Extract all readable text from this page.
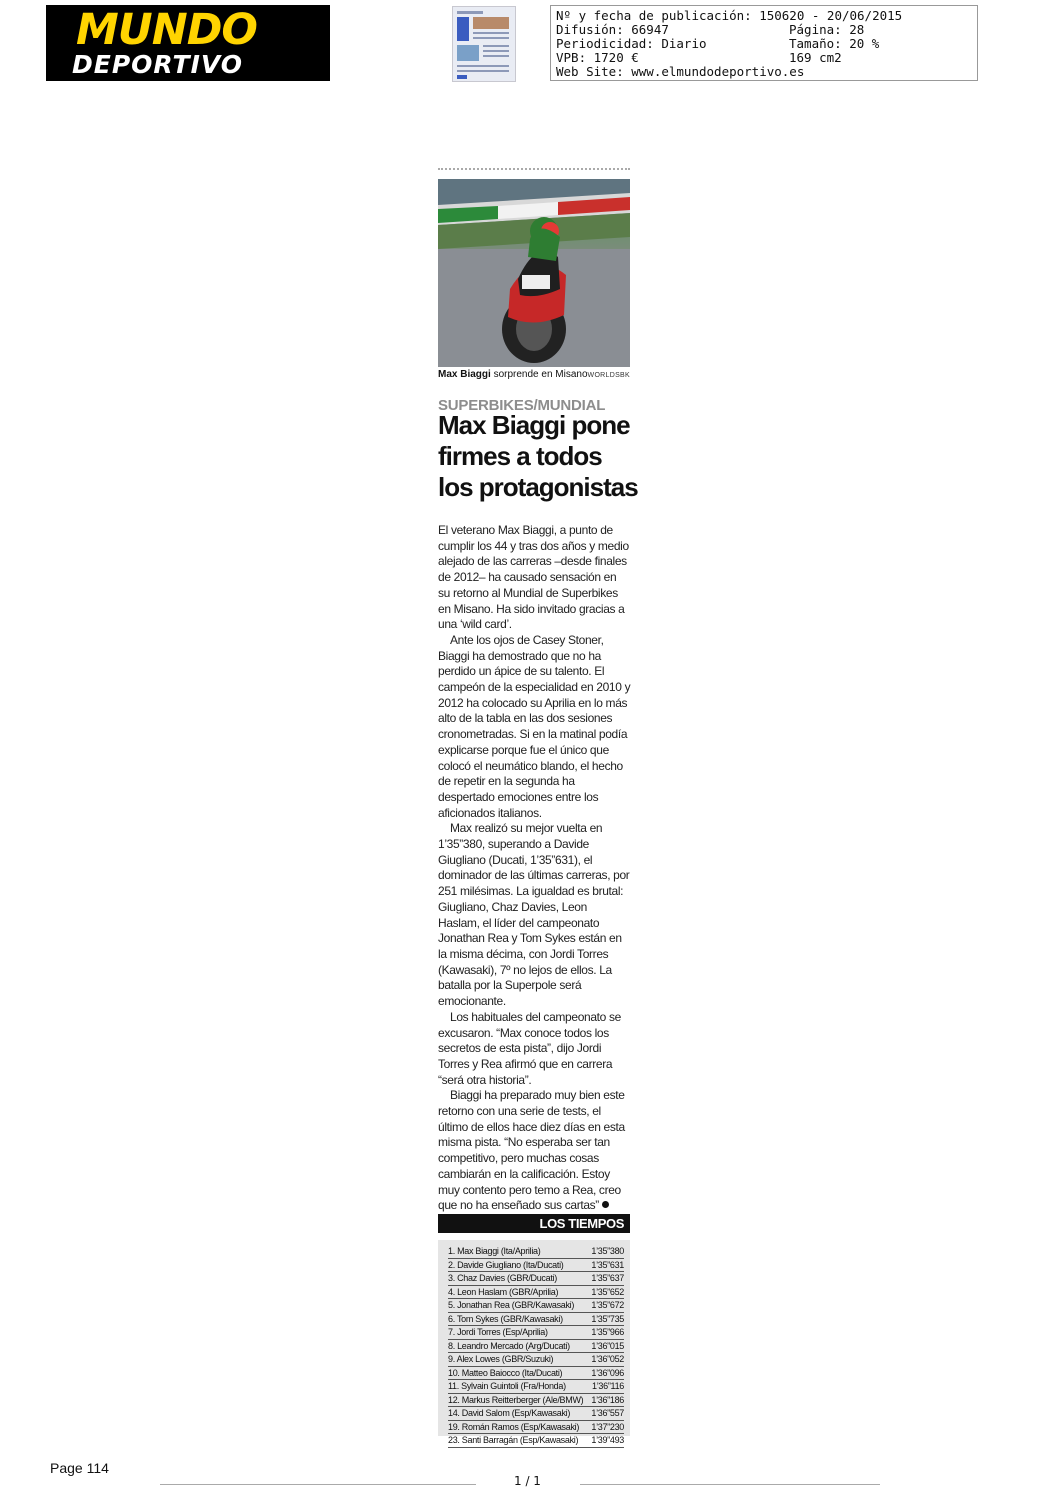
MUNDO
DEPORTIVO
Nº y fecha de publicación: 150620 - 20/06/2015
Difusión: 66947	Página: 28
Periodicidad: Diario	Tamaño: 20 %
VPB: 1720 €	169 cm2
Web Site: www.elmundodeportivo.es
Max Biaggi sorprende en Misano WORLDSBK
SUPERBIKES/MUNDIAL
Max Biaggi pone firmes a todos los protagonistas

El veterano Max Biaggi, a punto de cumplir los 44 y tras dos años y medio alejado de las carreras –desde finales de 2012– ha causado sensación en su retorno al Mundial de Superbikes en Misano. Ha sido invitado gracias a una ‘wild card’.

Ante los ojos de Casey Stoner, Biaggi ha demostrado que no ha perdido un ápice de su talento. El campeón de la especialidad en 2010 y 2012 ha colocado su Aprilia en lo más alto de la tabla en las dos sesiones cronometradas. Si en la matinal podía explicarse porque fue el único que colocó el neumático blando, el hecho de repetir en la segunda ha despertado emociones entre los aficionados italianos.

Max realizó su mejor vuelta en 1’35”380, superando a Davide Giugliano (Ducati, 1’35”631), el dominador de las últimas carreras, por 251 milésimas. La igualdad es brutal: Giugliano, Chaz Davies, Leon Haslam, el líder del campeonato Jonathan Rea y Tom Sykes están en la misma décima, con Jordi Torres (Kawasaki), 7º no lejos de ellos. La batalla por la Superpole será emocionante.

Los habituales del campeonato se excusaron. “Max conoce todos los secretos de esta pista”, dijo Jordi Torres y Rea afirmó que en carrera “será otra historia”.

Biaggi ha preparado muy bien este retorno con una serie de tests, el último de ellos hace diez días en esta misma pista. “No esperaba ser tan competitivo, pero muchas cosas cambiarán en la calificación. Estoy muy contento pero temo a Rea, creo que no ha enseñado sus cartas”

LOS TIEMPOS
1. Max Biaggi (Ita/Aprilia)	1’35”380
2. Davide Giugliano (Ita/Ducati)	1’35”631
3. Chaz Davies (GBR/Ducati)	1’35”637
4. Leon Haslam (GBR/Aprilia)	1’35”652
5. Jonathan Rea (GBR/Kawasaki) 1’35”672
6. Tom Sykes (GBR/Kawasaki)	1’35”735
7. Jordi Torres (Esp/Aprilia)	1’35”966
8. Leandro Mercado (Arg/Ducati) 1’36”015
9. Alex Lowes (GBR/Suzuki)	1’36”052
10. Matteo Baiocco (Ita/Ducati)	1’36”096
11. Sylvain Guintoli (Fra/Honda)	1’36”116
12. Markus Reitterberger (Ale/BMW) 1’36”186
14. David Salom (Esp/Kawasaki) 1’36”557
19. Román Ramos (Esp/Kawasaki) 1’37”230
23. Santi Barragán (Esp/Kawasaki) 1’39”493
Page 114
1 / 1
